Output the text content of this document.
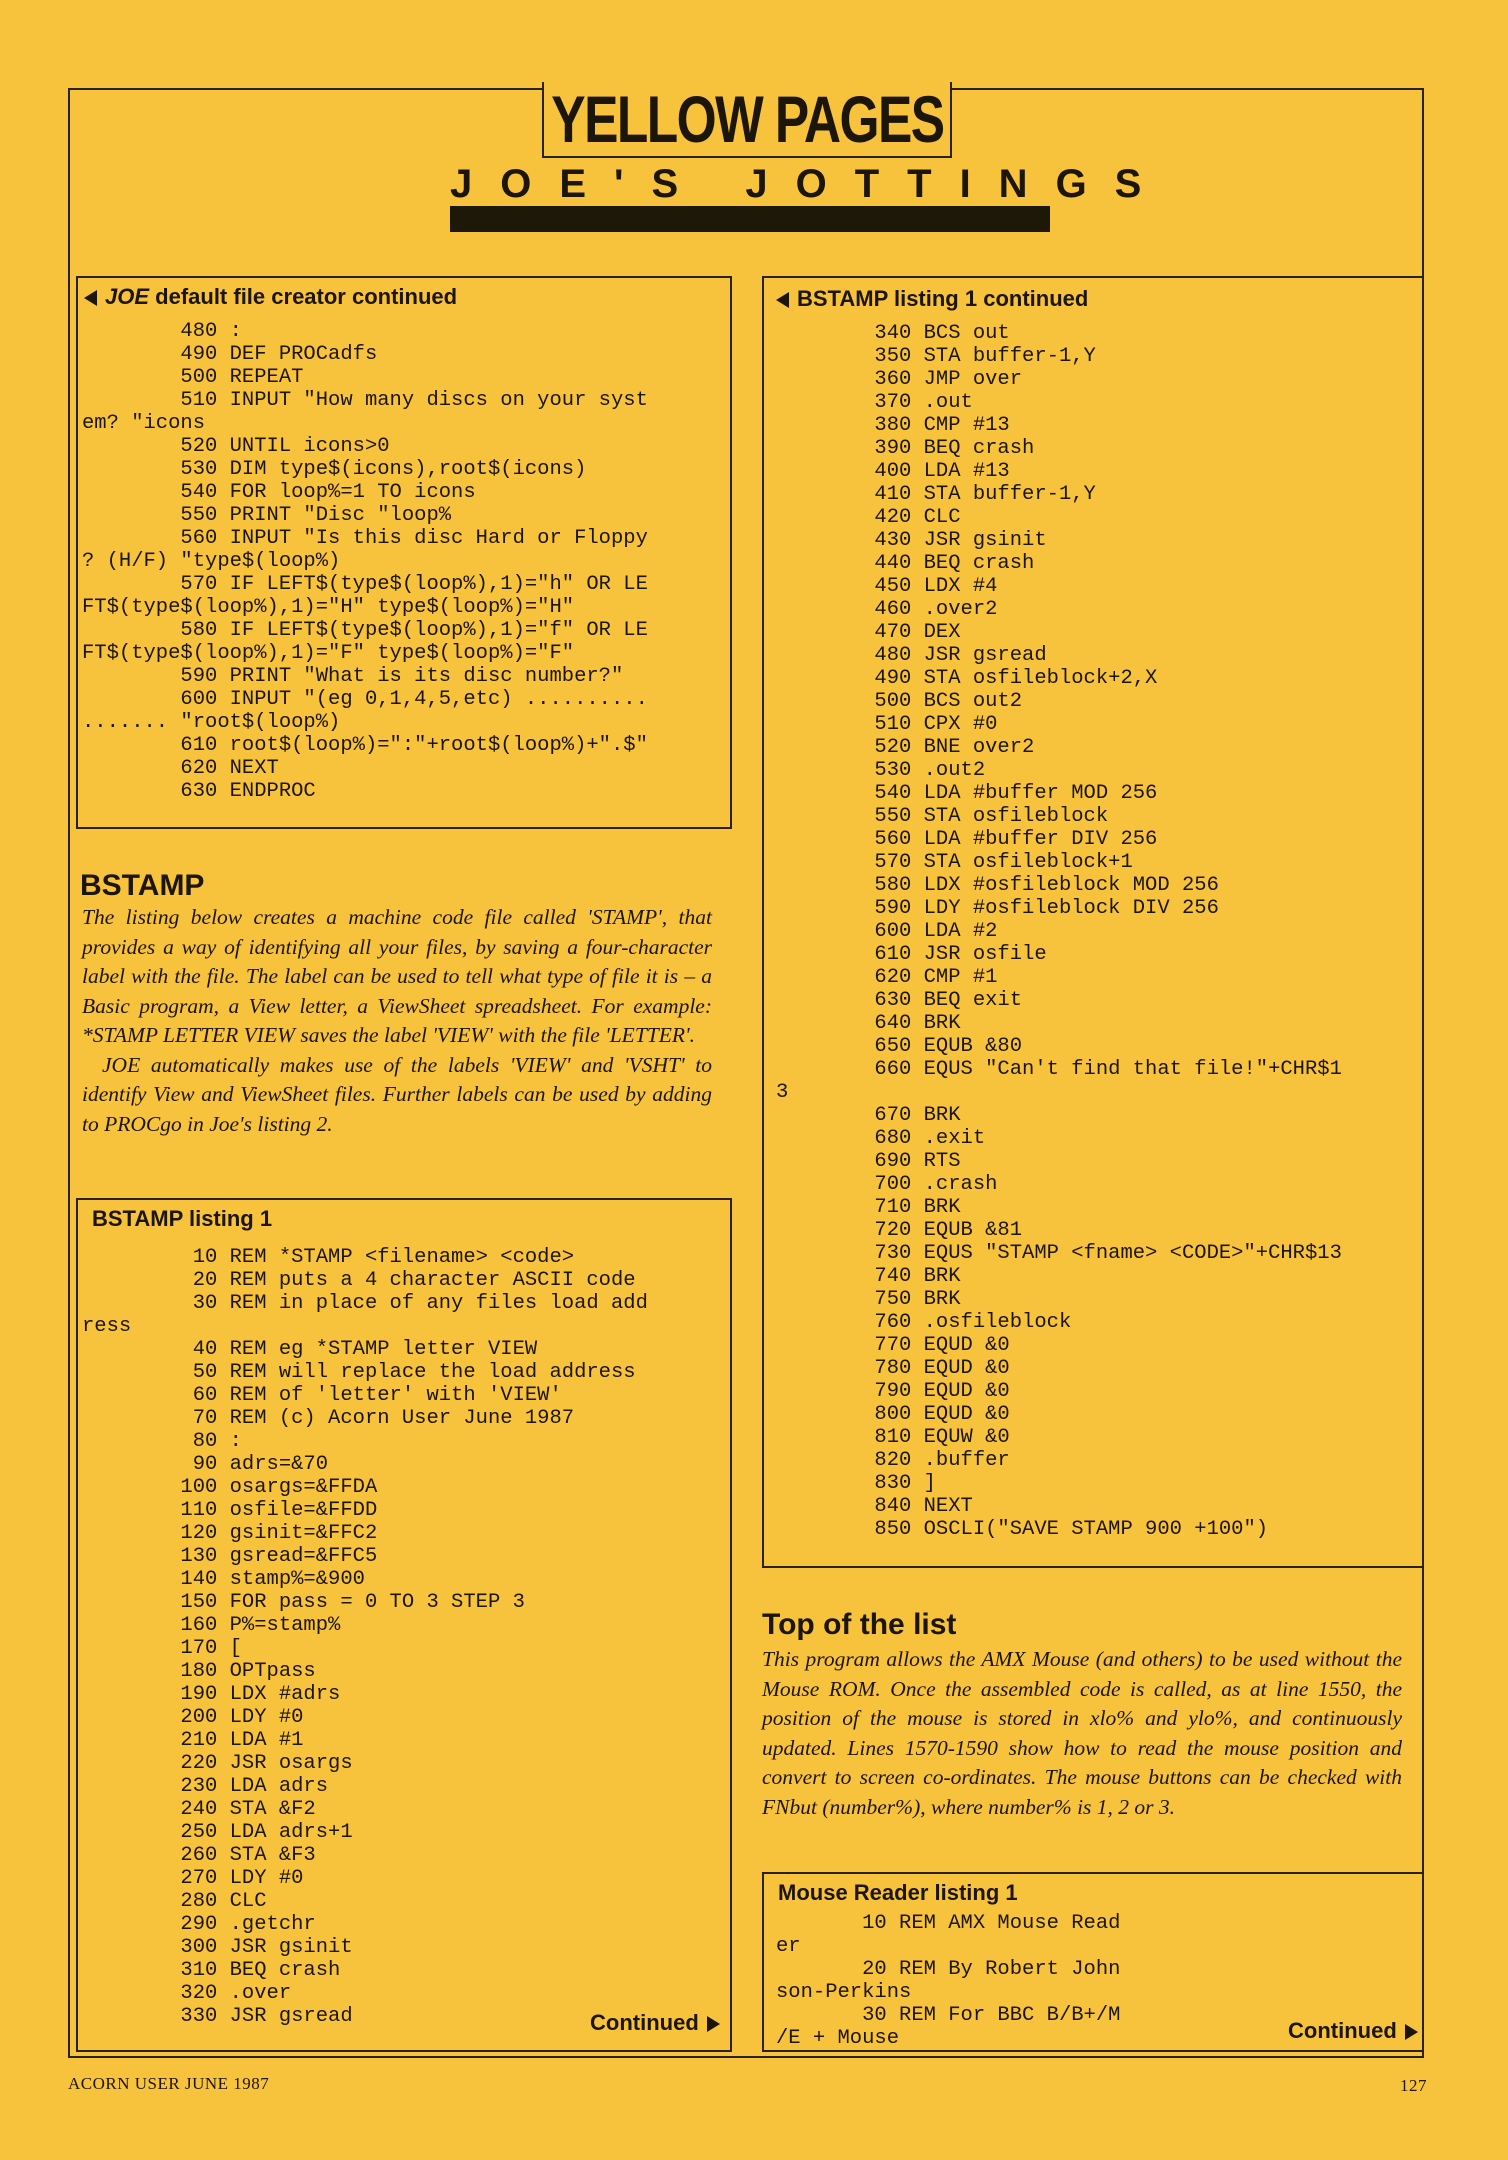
YELLOW PAGES
JOE'S JOTTINGS
JOE default file creator continued
480 :
490 DEF PROCadfs
500 REPEAT
510 INPUT "How many discs on your syst
em? "icons
520 UNTIL icons>0
530 DIM type$(icons),root$(icons)
540 FOR loop%=1 TO icons
550 PRINT "Disc "loop%
560 INPUT "Is this disc Hard or Floppy
? (H/F) "type$(loop%)
570 IF LEFT$(type$(loop%),1)="h" OR LE
FT$(type$(loop%),1)="H" type$(loop%)="H"
580 IF LEFT$(type$(loop%),1)="f" OR LE
FT$(type$(loop%),1)="F" type$(loop%)="F"
590 PRINT "What is its disc number?"
600 INPUT "(eg 0,1,4,5,etc) ..........
....... "root$(loop%)
610 root$(loop%)=":"+root$(loop%)+".$"
620 NEXT
630 ENDPROC
BSTAMP

The listing below creates a machine code file called 'STAMP', that provides a way of identifying all your files, by saving a four-character label with the file. The label can be used to tell what type of file it is – a Basic program, a View letter, a ViewSheet spreadsheet. For example: *STAMP LETTER VIEW saves the label 'VIEW' with the file 'LETTER'.

JOE automatically makes use of the labels 'VIEW' and 'VSHT' to identify View and ViewSheet files. Further labels can be used by adding to PROCgo in Joe's listing 2.

BSTAMP listing 1
10 REM *STAMP <filename> <code>
20 REM puts a 4 character ASCII code
30 REM in place of any files load add
ress
40 REM eg *STAMP letter VIEW
50 REM will replace the load address
60 REM of 'letter' with 'VIEW'
70 REM (c) Acorn User June 1987
80 :
90 adrs=&70
100 osargs=&FFDA
110 osfile=&FFDD
120 gsinit=&FFC2
130 gsread=&FFC5
140 stamp%=&900
150 FOR pass = 0 TO 3 STEP 3
160 P%=stamp%
170 [
180 OPTpass
190 LDX #adrs
200 LDY #0
210 LDA #1
220 JSR osargs
230 LDA adrs
240 STA &F2
250 LDA adrs+1
260 STA &F3
270 LDY #0
280 CLC
290 .getchr
300 JSR gsinit
310 BEQ crash
320 .over
330 JSR gsread	Continued
BSTAMP listing 1 continued
340 BCS out
350 STA buffer-1,Y
360 JMP over
370 .out
380 CMP #13
390 BEQ crash
400 LDA #13
410 STA buffer-1,Y
420 CLC
430 JSR gsinit
440 BEQ crash
450 LDX #4
460 .over2
470 DEX
480 JSR gsread
490 STA osfileblock+2,X
500 BCS out2
510 CPX #0
520 BNE over2
530 .out2
540 LDA #buffer MOD 256
550 STA osfileblock
560 LDA #buffer DIV 256
570 STA osfileblock+1
580 LDX #osfileblock MOD 256
590 LDY #osfileblock DIV 256
600 LDA #2
610 JSR osfile
620 CMP #1
630 BEQ exit
640 BRK
650 EQUB &80
660 EQUS "Can't find that file!"+CHR$1
3
670 BRK
680 .exit
690 RTS
700 .crash
710 BRK
720 EQUB &81
730 EQUS "STAMP <fname> <CODE>"+CHR$13
740 BRK
750 BRK
760 .osfileblock
770 EQUD &0
780 EQUD &0
790 EQUD &0
800 EQUD &0
810 EQUW &0
820 .buffer
830 ]
840 NEXT
850 OSCLI("SAVE STAMP 900 +100")
Top of the list

This program allows the AMX Mouse (and others) to be used without the Mouse ROM. Once the assembled code is called, as at line 1550, the position of the mouse is stored in xlo% and ylo%, and continuously updated. Lines 1570-1590 show how to read the mouse position and convert to screen co-ordinates. The mouse buttons can be checked with FNbut (number%), where number% is 1, 2 or 3.

Mouse Reader listing 1
10 REM AMX Mouse Read
er
20 REM By Robert John
son-Perkins
30 REM For BBC B/B+/M
/E + Mouse	Continued
ACORN USER JUNE 1987	127
